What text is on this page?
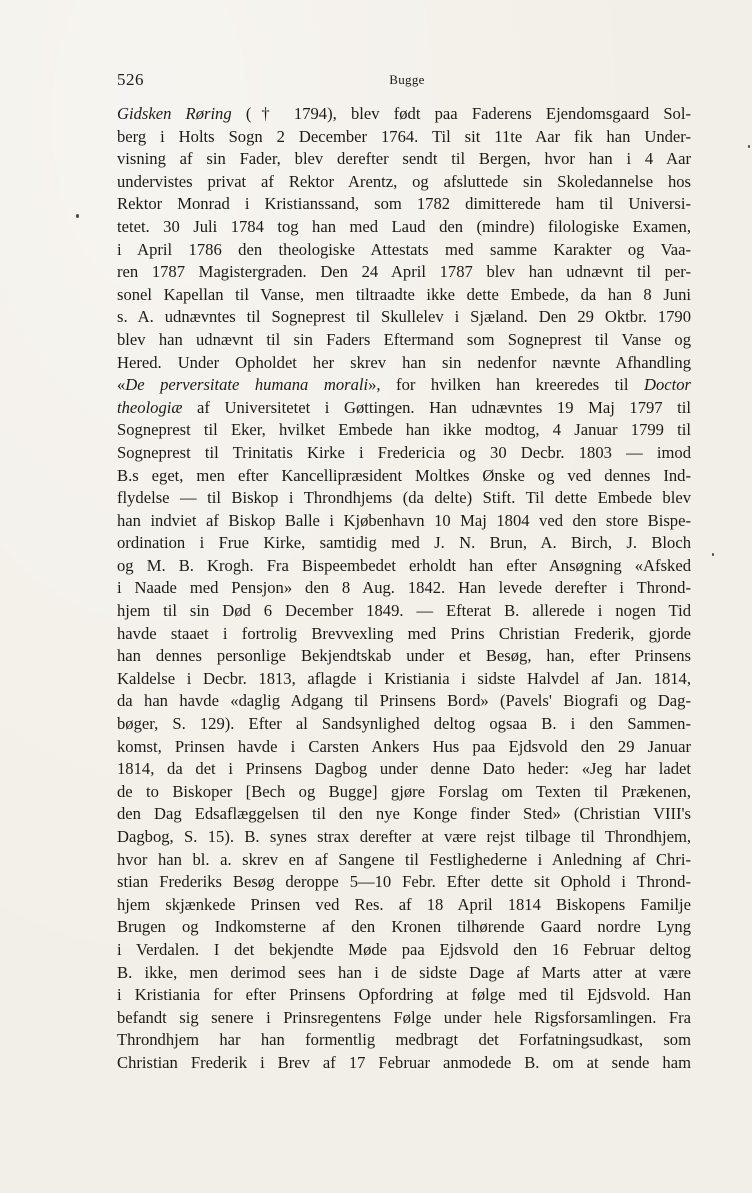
526	Bugge
Gidsken Røring († 1794), blev født paa Faderens Ejendomsgaard Sol-
berg i Holts Sogn 2 December 1764. Til sit 11te Aar fik han Under-
visning af sin Fader, blev derefter sendt til Bergen, hvor han i 4 Aar
undervistes privat af Rektor Arentz, og afsluttede sin Skoledannelse hos
Rektor Monrad i Kristianssand, som 1782 dimitterede ham til Universi-
tetet. 30 Juli 1784 tog han med Laud den (mindre) filologiske Examen,
i April 1786 den theologiske Attestats med samme Karakter og Vaa-
ren 1787 Magistergraden. Den 24 April 1787 blev han udnævnt til per-
sonel Kapellan til Vanse, men tiltraadte ikke dette Embede, da han 8 Juni
s. A. udnævntes til Sogneprest til Skullelev i Sjæland. Den 29 Oktbr. 1790
blev han udnævnt til sin Faders Eftermand som Sogneprest til Vanse og
Hered. Under Opholdet her skrev han sin nedenfor nævnte Afhandling
«De perversitate humana morali», for hvilken han kreeredes til Doctor
theologiæ af Universitetet i Gøttingen. Han udnævntes 19 Maj 1797 til
Sogneprest til Eker, hvilket Embede han ikke modtog, 4 Januar 1799 til
Sogneprest til Trinitatis Kirke i Fredericia og 30 Decbr. 1803 — imod
B.s eget, men efter Kancellipræsident Moltkes Ønske og ved dennes Ind-
flydelse — til Biskop i Throndhjems (da delte) Stift. Til dette Embede blev
han indviet af Biskop Balle i Kjøbenhavn 10 Maj 1804 ved den store Bispe-
ordination i Frue Kirke, samtidig med J. N. Brun, A. Birch, J. Bloch
og M. B. Krogh. Fra Bispeembedet erholdt han efter Ansøgning «Afsked
i Naade med Pensjon» den 8 Aug. 1842. Han levede derefter i Thrond-
hjem til sin Død 6 December 1849. — Efterat B. allerede i nogen Tid
havde staaet i fortrolig Brevvexling med Prins Christian Frederik, gjorde
han dennes personlige Bekjendtskab under et Besøg, han, efter Prinsens
Kaldelse i Decbr. 1813, aflagde i Kristiania i sidste Halvdel af Jan. 1814,
da han havde «daglig Adgang til Prinsens Bord» (Pavels' Biografi og Dag-
bøger, S. 129). Efter al Sandsynlighed deltog ogsaa B. i den Sammen-
komst, Prinsen havde i Carsten Ankers Hus paa Ejdsvold den 29 Januar
1814, da det i Prinsens Dagbog under denne Dato heder: «Jeg har ladet
de to Biskoper [Bech og Bugge] gjøre Forslag om Texten til Prækenen,
den Dag Edsaflæggelsen til den nye Konge finder Sted» (Christian VIII's
Dagbog, S. 15). B. synes strax derefter at være rejst tilbage til Throndhjem,
hvor han bl. a. skrev en af Sangene til Festlighederne i Anledning af Chri-
stian Frederiks Besøg deroppe 5—10 Febr. Efter dette sit Ophold i Thrond-
hjem skjænkede Prinsen ved Res. af 18 April 1814 Biskopens Familje
Brugen og Indkomsterne af den Kronen tilhørende Gaard nordre Lyng
i Verdalen. I det bekjendte Møde paa Ejdsvold den 16 Februar deltog
B. ikke, men derimod sees han i de sidste Dage af Marts atter at være
i Kristiania for efter Prinsens Opfordring at følge med til Ejdsvold. Han
befandt sig senere i Prinsregentens Følge under hele Rigsforsamlingen. Fra
Throndhjem har han formentlig medbragt det Forfatningsudkast, som
Christian Frederik i Brev af 17 Februar anmodede B. om at sende ham
